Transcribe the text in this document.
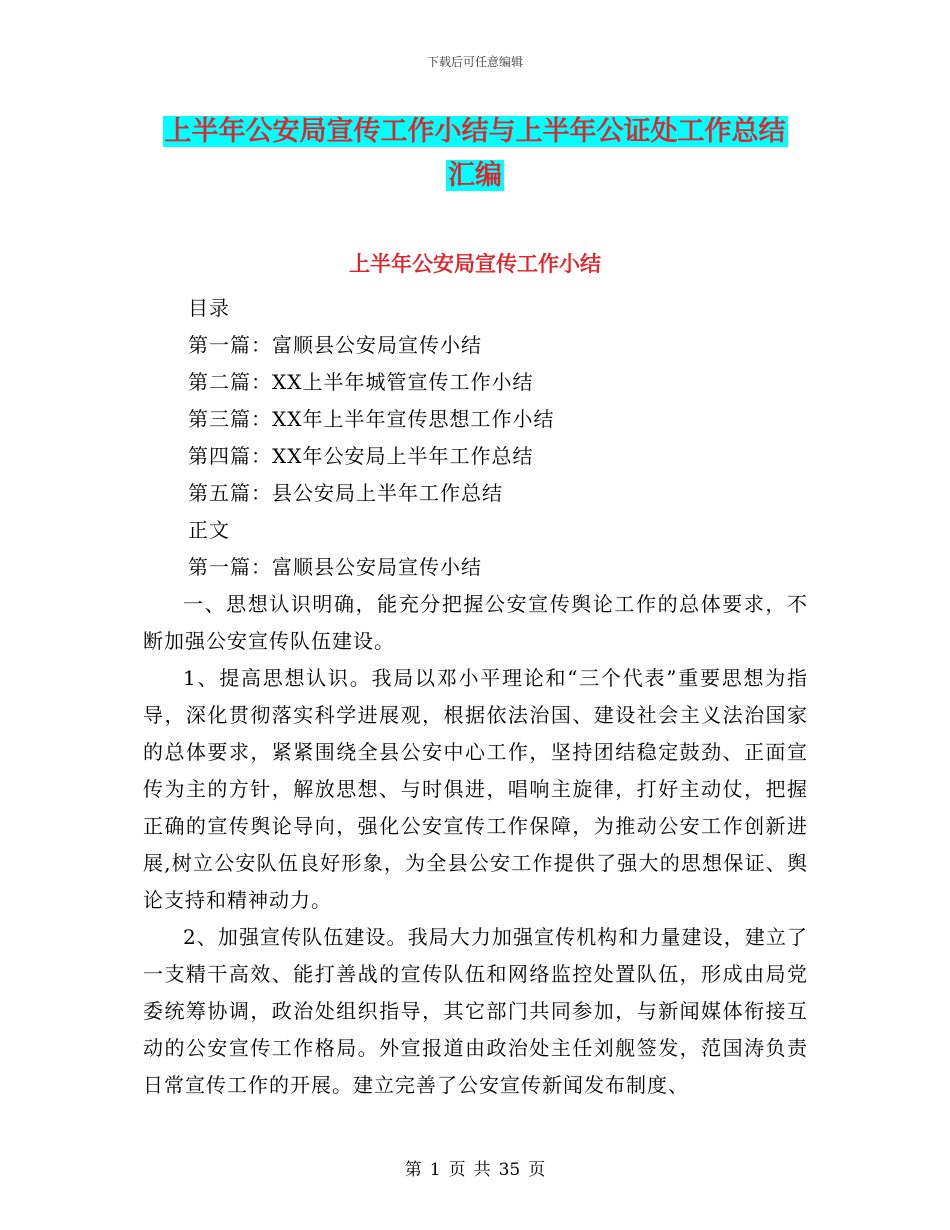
下载后可任意编辑
上半年公安局宣传工作小结与上半年公证处工作总结
汇编
上半年公安局宣传工作小结

目录

第一篇：富顺县公安局宣传小结

第二篇：XX上半年城管宣传工作小结

第三篇：XX年上半年宣传思想工作小结

第四篇：XX年公安局上半年工作总结

第五篇：县公安局上半年工作总结

正文

第一篇：富顺县公安局宣传小结

一、思想认识明确，能充分把握公安宣传舆论工作的总体要求，不断加强公安宣传队伍建设。

1、提高思想认识。我局以邓小平理论和“三个代表”重要思想为指导，深化贯彻落实科学进展观，根据依法治国、建设社会主义法治国家的总体要求，紧紧围绕全县公安中心工作，坚持团结稳定鼓劲、正面宣传为主的方针，解放思想、与时俱进，唱响主旋律，打好主动仗，把握正确的宣传舆论导向，强化公安宣传工作保障，为推动公安工作创新进展,树立公安队伍良好形象，为全县公安工作提供了强大的思想保证、舆论支持和精神动力。

2、加强宣传队伍建设。我局大力加强宣传机构和力量建设，建立了一支精干高效、能打善战的宣传队伍和网络监控处置队伍，形成由局党委统筹协调，政治处组织指导，其它部门共同参加，与新闻媒体衔接互动的公安宣传工作格局。外宣报道由政治处主任刘舰签发，范国涛负责日常宣传工作的开展。建立完善了公安宣传新闻发布制度、

第 1 页 共 35 页
